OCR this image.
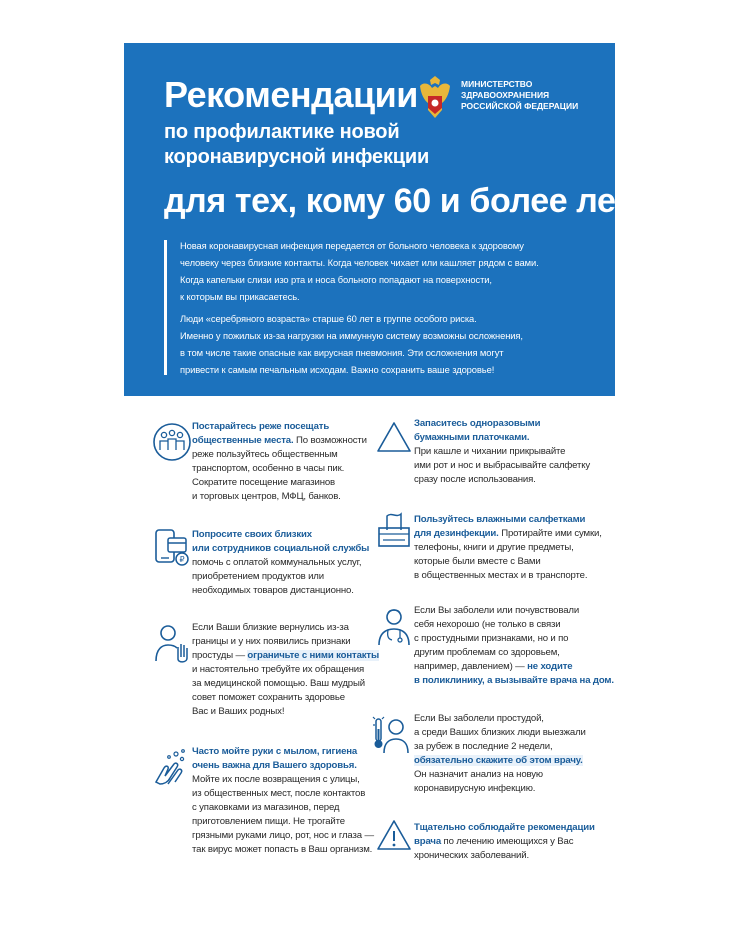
Рекомендации
по профилактике новой
коронавирусной инфекции
для тех, кому 60 и более лет
МИНИСТЕРСТВО
ЗДРАВООХРАНЕНИЯ
РОССИЙСКОЙ ФЕДЕРАЦИИ
Новая коронавирусная инфекция передается от больного человека к здоровому
человеку через близкие контакты. Когда человек чихает или кашляет рядом с вами.
Когда капельки слизи изо рта и носа больного попадают на поверхности,
к которым вы прикасаетесь.
Люди «серебряного возраста» старше 60 лет в группе особого риска.
Именно у пожилых из-за нагрузки на иммунную систему возможны осложнения,
в том числе такие опасные как вирусная пневмония. Эти осложнения могут
привести к самым печальным исходам. Важно сохранить ваше здоровье!
Постарайтесь реже посещать
общественные места. По возможности
реже пользуйтесь общественным
транспортом, особенно в часы пик.
Сократите посещение магазинов
и торговых центров, МФЦ, банков.
₽
Попросите своих близких
или сотрудников социальной службы
помочь с оплатой коммунальных услуг,
приобретением продуктов или
необходимых товаров дистанционно.
Если Ваши близкие вернулись из-за
границы и у них появились признаки
простуды — ограничьте с ними контакты
и настоятельно требуйте их обращения
за медицинской помощью. Ваш мудрый
совет поможет сохранить здоровье
Вас и Ваших родных!
Часто мойте руки с мылом, гигиена
очень важна для Вашего здоровья.
Мойте их после возвращения с улицы,
из общественных мест, после контактов
с упаковками из магазинов, перед
приготовлением пищи. Не трогайте
грязными руками лицо, рот, нос и глаза —
так вирус может попасть в Ваш организм.
Запаситесь одноразовыми
бумажными платочками.
При кашле и чихании прикрывайте
ими рот и нос и выбрасывайте салфетку
сразу после использования.
Пользуйтесь влажными салфетками
для дезинфекции. Протирайте ими сумки,
телефоны, книги и другие предметы,
которые были вместе с Вами
в общественных местах и в транспорте.
Если Вы заболели или почувствовали
себя нехорошо (не только в связи
с простудными признаками, но и по
другим проблемам со здоровьем,
например, давлением) — не ходите
в поликлинику, а вызывайте врача на дом.
Если Вы заболели простудой,
а среди Ваших близких люди выезжали
за рубеж в последние 2 недели,
обязательно скажите об этом врачу.
Он назначит анализ на новую
коронавирусную инфекцию.
Тщательно соблюдайте рекомендации
врача по лечению имеющихся у Вас
хронических заболеваний.
